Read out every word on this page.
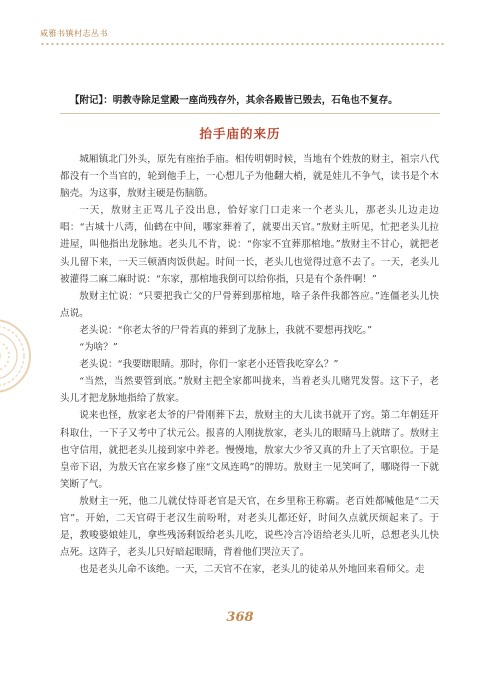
咸雅书镇村志丛书
【附记】：明教寺除足堂殿一座尚残存外，其余各殿皆已毁去，石龟也不复存。
抬手庙的来历

城厢镇北门外头，原先有座抬手庙。相传明朝时候，当地有个姓敖的财主，祖宗八代都没有一个当官的，轮到他手上，一心想儿子为他翻大梢，就是娃儿不争气，读书是个木脑壳。为这事，敖财主硬是伤脑筋。

一天，敖财主正骂儿子没出息，恰好家门口走来一个老头儿，那老头儿边走边唱：“古城十八湾，仙鹤在中间，哪家葬着了，就要出天官。”敖财主听见，忙把老头儿拉进屋，叫他指出龙脉地。老头儿不肯，说：“你家不宜葬那棺地。”敖财主不甘心，就把老头儿留下来，一天三顿酒肉饭供起。时间一长，老头儿也觉得过意不去了。一天，老头儿被灌得二麻二麻时说：“东家，那棺地我倒可以给你指，只是有个条件啊！”

敖财主忙说：“只要把我亡父的尸骨葬到那棺地，啥子条件我都答应。”连僵老头儿快点说。

老头说：“你老太爷的尸骨若真的葬到了龙脉上，我就不要想再找吃。”

“为啥？”

老头说：“我要瞎眼睛。那时，你们一家老小还管我吃穿么？”

“当然，当然要管到底。”敖财主把全家都叫拢来，当着老头儿赌咒发誓。这下子，老头儿才把龙脉地指给了敖家。

说来也怪，敖家老太爷的尸骨刚葬下去，敖财主的大儿读书就开了窍。第二年朝廷开科取仕，一下子又考中了状元公。报喜的人刚拢敖家，老头儿的眼睛马上就瞎了。敖财主也守信用，就把老头儿接到家中养老。慢慢地，敖家大少爷又真的升上了天官职位。于是皇帝下诏，为敖天官在家乡修了座“文凤连鸣”的牌坊。敖财主一见笑呵了，哪晓得一下就笑断了气。

敖财主一死，他二儿就仗恃哥老官是天官，在乡里称王称霸。老百姓都喊他是“二天官”。开始，二天官碍于老汉生前吩咐，对老头儿都还好，时间久点就厌烦起来了。于是，教唆婆娘娃儿，拿些残汤剩饭给老头儿吃，说些冷言冷语给老头儿听，总想老头儿快点死。这阵子，老头儿只好暗起眼睛，背着他们哭泣天了。

也是老头儿命不该绝。一天，二天官不在家，老头儿的徒弟从外地回来看师父。走

368
